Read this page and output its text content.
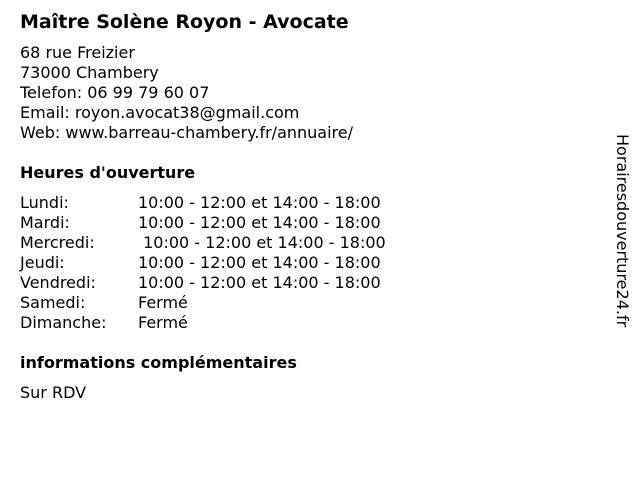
Maître Solène Royon - Avocate
68 rue Freizier
73000 Chambery
Telefon: 06 99 79 60 07
Email: royon.avocat38@gmail.com
Web: www.barreau-chambery.fr/annuaire/
Heures d'ouverture
Lundi:	10:00 - 12:00 et 14:00 - 18:00
Mardi:	10:00 - 12:00 et 14:00 - 18:00
Mercredi:	10:00 - 12:00 et 14:00 - 18:00
Jeudi:	10:00 - 12:00 et 14:00 - 18:00
Vendredi:	10:00 - 12:00 et 14:00 - 18:00
Samedi:	Fermé
Dimanche:	Fermé
informations complémentaires
Sur RDV
Horairesdouverture24.fr
